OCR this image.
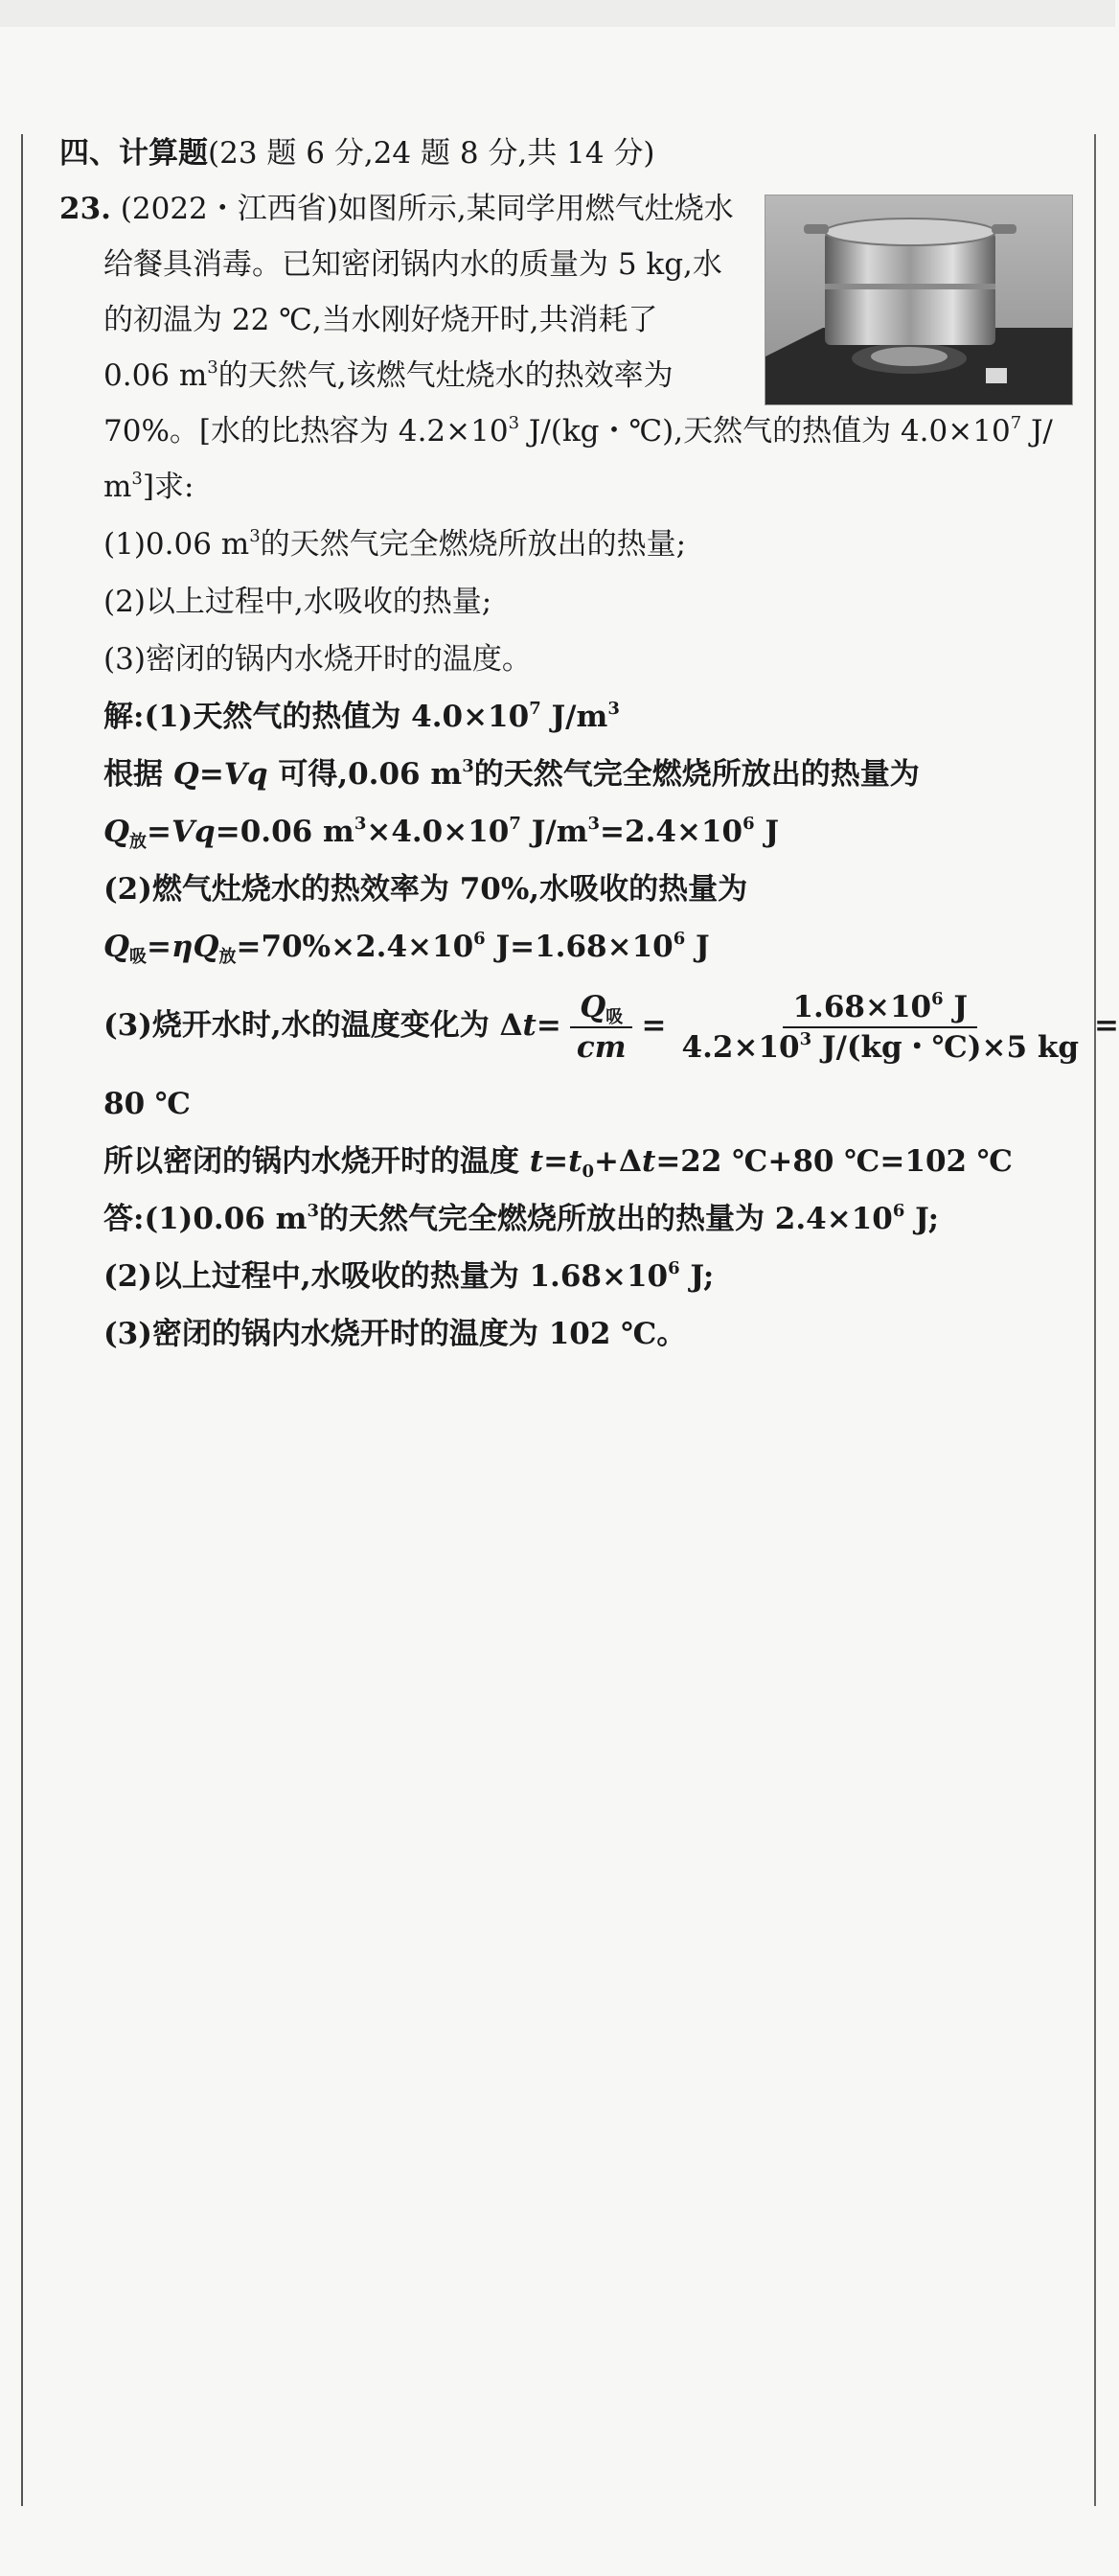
四、计算题(23 题 6 分,24 题 8 分,共 14 分)
23. (2022・江西省)如图所示,某同学用燃气灶烧水
给餐具消毒。已知密闭锅内水的质量为 5 kg,水
的初温为 22 ℃,当水刚好烧开时,共消耗了
0.06 $m^3$的天然气,该燃气灶烧水的热效率为
70%。[水的比热容为 $4.2\times 10^3$ J/(kg・℃),天然气的热值为 $4.0\times 10^7$ J/
$m^3$]求:
(1)0.06 $m^3$的天然气完全燃烧所放出的热量;
(2)以上过程中,水吸收的热量;
(3)密闭的锅内水烧开时的温度。
解:(1)天然气的热值为 $4.0\times 10^7$ $J/m^3$
根据 Q=Vq 可得,0.06 $m^3$的天然气完全燃烧所放出的热量为
$Q_放=Vq=0.06$ $m^3\times 4.0\times 10^7$ $J/m^3=2.4\times 10^6$ J
(2)燃气灶烧水的热效率为 70%,水吸收的热量为
$Q_吸=\eta Q_放=70\%\times 2.4\times 10^6$ $J=1.68\times 10^6$ J
(3)烧开水时,水的温度变化为 $\Delta t= \frac{Q_吸}{cm} = \frac{1.68\times 10^6 J}{4.2\times 10^3 J/(kg・℃)\times 5 kg}$ =
80 ℃
所以密闭的锅内水烧开时的温度 $t=t_0+\Delta t=22$ ℃+80 ℃=102 ℃
答:(1)0.06 $m^3$的天然气完全燃烧所放出的热量为 $2.4\times 10^6$ J;
(2)以上过程中,水吸收的热量为 $1.68\times 10^6$ J;
(3)密闭的锅内水烧开时的温度为 102 ℃。
